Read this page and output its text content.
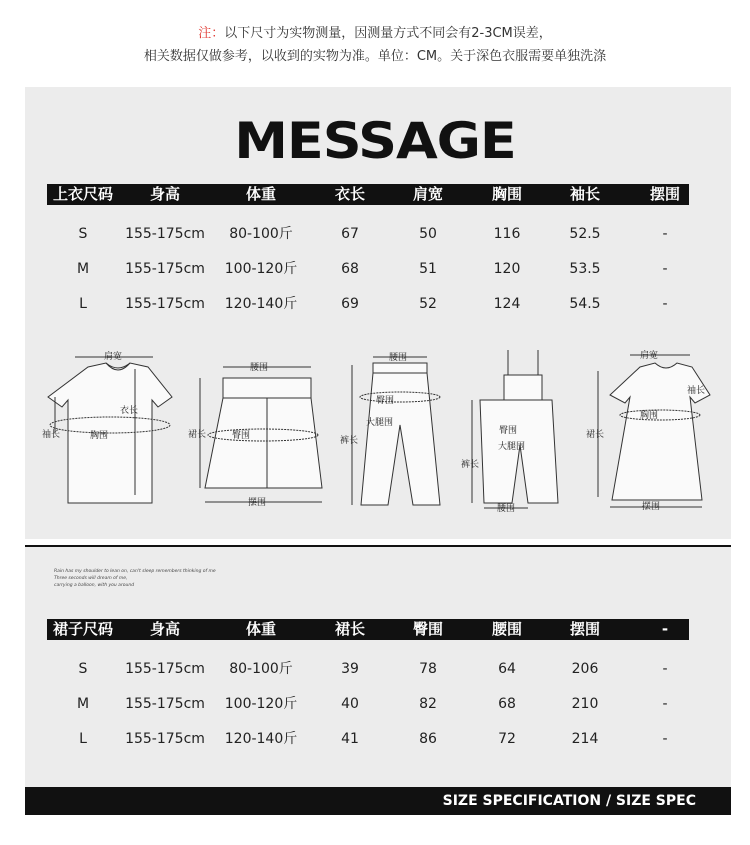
注：以下尺寸为实物测量，因测量方式不同会有2-3CM误差，
相关数据仅做参考，以收到的实物为准。单位：CM。关于深色衣服需要单独洗涤
MESSAGE
上衣尺码	身高	体重	衣长	肩宽	胸围	袖长	摆围
S	155-175cm	80-100斤	67	50	116	52.5	-
M	155-175cm 100-120斤	68	51	120	53.5	-
L	155-175cm 120-140斤	69	52	124	54.5	-
肩宽
衣长
胸围
袖长
腰围
臀围
裙长
摆围
腰围
臀围
大腿围
裤长
臀围
大腿围
裤长
腰围
肩宽
袖长
胸围
裙长
摆围
Rain has my shoulder to lean on, can't sleep remembers thinking of me
Three seconds will dream of me,
carrying a balloon, with you around
裙子尺码	身高	体重	裙长	臀围	腰围	摆围	-
S	155-175cm	80-100斤	39	78	64	206	-
M	155-175cm 100-120斤	40	82	68	210	-
L	155-175cm 120-140斤	41	86	72	214	-
SIZE SPECIFICATION / SIZE SPEC
